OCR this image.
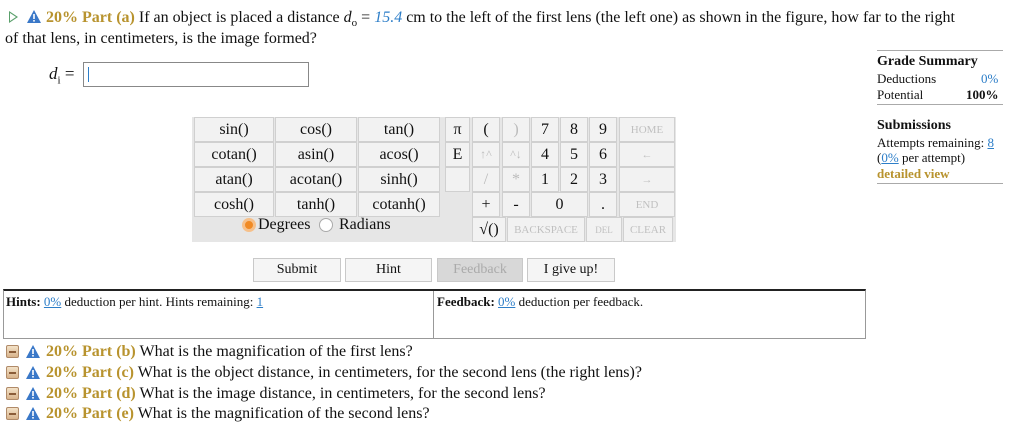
20% Part (a) If an object is placed a distance $d_o = 15.4$ cm to the left of the first lens (the left one) as shown in the figure, how far to the right
of that lens, in centimeters, is the image formed?
$d_i$ =
sin()	cos()	tan()
cotan()	asin()	acos()
atan()	acotan()	sinh()
cosh()	tanh()	cotanh()
Degrees Radians
π
E
(	)
↑^	^↓
/	*
+	-
√()	BACKSPACE	DEL	CLEAR
7	8	9
4	5	6
1	2	3
0	.
HOME
←
→
END
Submit	Hint	Feedback	I give up!
Hints: 0% deduction per hint. Hints remaining: 1	Feedback: 0% deduction per feedback.
Grade Summary
Deductions	0%
Potential	100%
Submissions
Attempts remaining: 8
(0% per attempt)
detailed view
20% Part (b) What is the magnification of the first lens?
20% Part (c) What is the object distance, in centimeters, for the second lens (the right lens)?
20% Part (d) What is the image distance, in centimeters, for the second lens?
20% Part (e) What is the magnification of the second lens?
